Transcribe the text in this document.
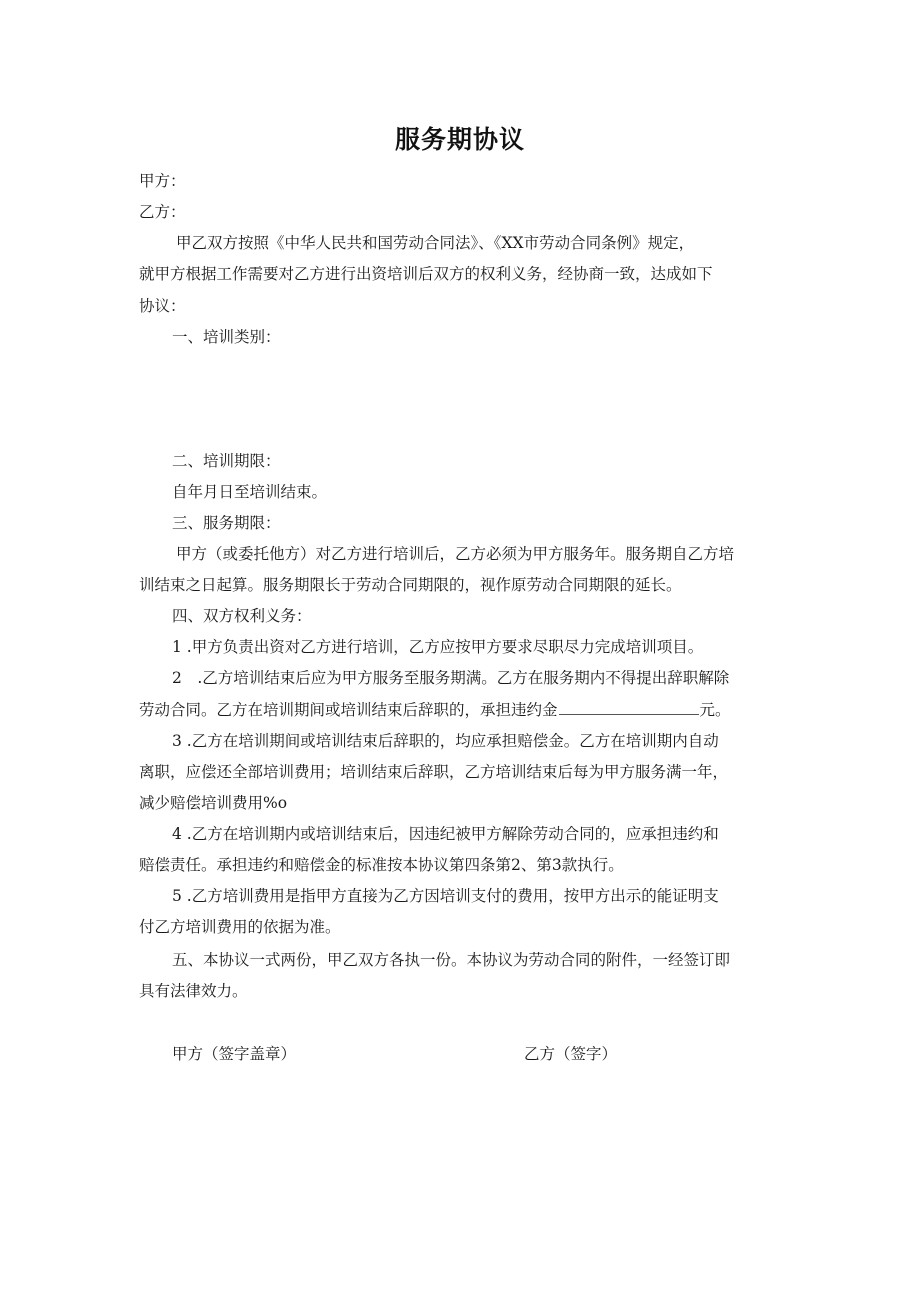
服务期协议
甲方：
乙方：
甲乙双方按照《中华人民共和国劳动合同法》、《XX市劳动合同条例》规定，
就甲方根据工作需要对乙方进行出资培训后双方的权利义务，经协商一致，达成如下
协议：
一、培训类别：
二、培训期限：
自年月日至培训结束。
三、服务期限：
甲方（或委托他方）对乙方进行培训后，乙方必须为甲方服务年。服务期自乙方培
训结束之日起算。服务期限长于劳动合同期限的，视作原劳动合同期限的延长。
四、双方权利义务：
1 .甲方负责出资对乙方进行培训，乙方应按甲方要求尽职尽力完成培训项目。
2　.乙方培训结束后应为甲方服务至服务期满。乙方在服务期内不得提出辞职解除
劳动合同。乙方在培训期间或培训结束后辞职的，承担违约金	元。
3 .乙方在培训期间或培训结束后辞职的，均应承担赔偿金。乙方在培训期内自动
离职，应偿还全部培训费用；培训结束后辞职，乙方培训结束后每为甲方服务满一年，
减少赔偿培训费用%o
4 .乙方在培训期内或培训结束后，因违纪被甲方解除劳动合同的，应承担违约和
赔偿责任。承担违约和赔偿金的标准按本协议第四条第2、第3款执行。
5 .乙方培训费用是指甲方直接为乙方因培训支付的费用，按甲方出示的能证明支
付乙方培训费用的依据为准。
五、本协议一式两份，甲乙双方各执一份。本协议为劳动合同的附件，一经签订即
具有法律效力。
甲方（签字盖章）	乙方（签字）
